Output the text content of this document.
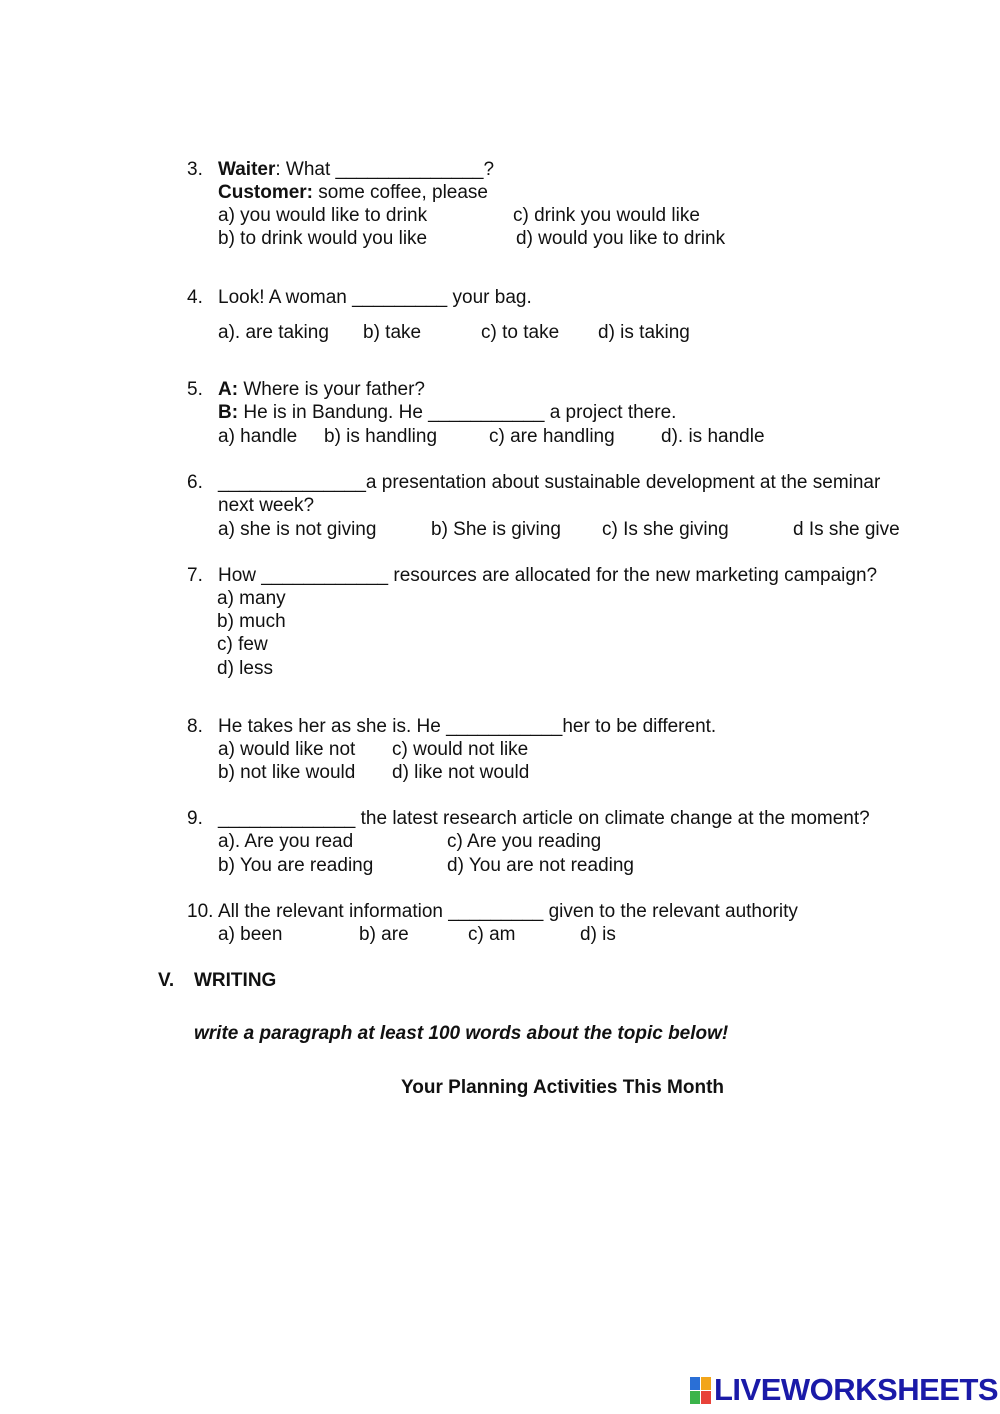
3. Waiter: What ______________?
Customer: some coffee, please
a) you would like to drink	c) drink you would like
b) to drink would you like	d) would you like to drink
4. Look! A woman _________ your bag.
a). are taking b) take	c) to take d) is taking
5. A: Where is your father?
B: He is in Bandung. He ___________ a project there.
a) handle b) is handling	c) are handling d). is handle
6. ______________a presentation about sustainable development at the seminar
next week?
a) she is not giving	b) She is giving c) Is she giving	d Is she give
7. How ____________ resources are allocated for the new marketing campaign?
a) many
b) much
c) few
d) less
8. He takes her as she is. He ___________her to be different.
a) would like not c) would not like
b) not like would d) like not would
9. _____________ the latest research article on climate change at the moment?
a). Are you read	c) Are you reading
b) You are reading	d) You are not reading
10. All the relevant information _________ given to the relevant authority
a) been	b) are	c) am	d) is
V. WRITING
write a paragraph at least 100 words about the topic below!
Your Planning Activities This Month
LIVEWORKSHEETS
